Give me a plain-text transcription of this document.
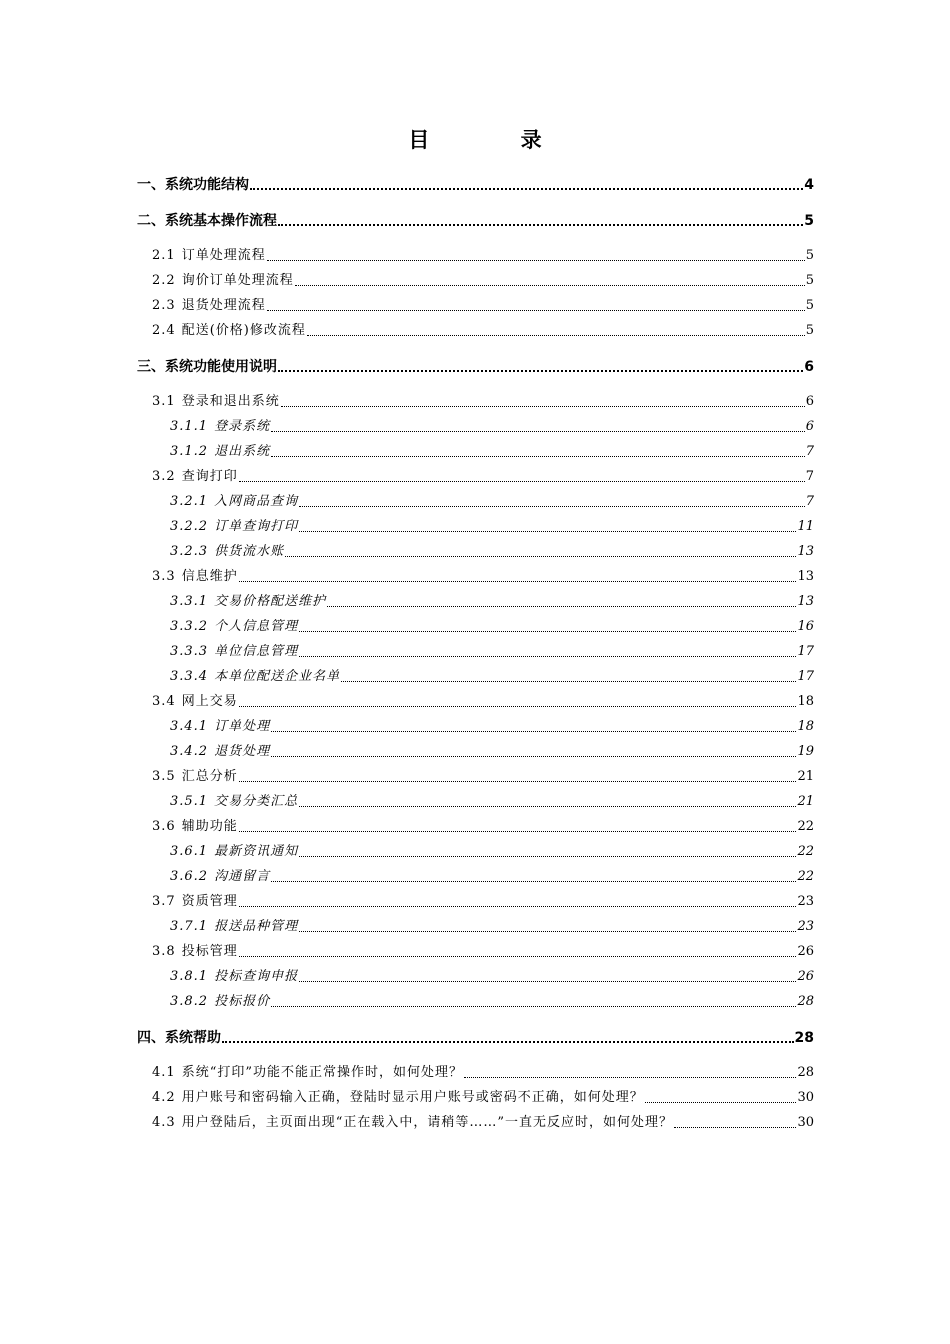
目 录
一、系统功能结构	4
二、系统基本操作流程	5
2.1 订单处理流程	5
2.2 询价订单处理流程	5
2.3 退货处理流程	5
2.4 配送(价格)修改流程	5
三、系统功能使用说明	6
3.1 登录和退出系统	6
3.1.1 登录系统	6
3.1.2 退出系统	7
3.2 查询打印	7
3.2.1 入网商品查询	7
3.2.2 订单查询打印	11
3.2.3 供货流水账	13
3.3 信息维护	13
3.3.1 交易价格配送维护	13
3.3.2 个人信息管理	16
3.3.3 单位信息管理	17
3.3.4 本单位配送企业名单	17
3.4 网上交易	18
3.4.1 订单处理	18
3.4.2 退货处理	19
3.5 汇总分析	21
3.5.1 交易分类汇总	21
3.6 辅助功能	22
3.6.1 最新资讯通知	22
3.6.2 沟通留言	22
3.7 资质管理	23
3.7.1 报送品种管理	23
3.8 投标管理	26
3.8.1 投标查询申报	26
3.8.2 投标报价	28
四、系统帮助	28
4.1 系统“打印”功能不能正常操作时，如何处理？	28
4.2 用户账号和密码输入正确，登陆时显示用户账号或密码不正确，如何处理？	30
4.3 用户登陆后，主页面出现“正在载入中，请稍等……”一直无反应时，如何处理？	30
